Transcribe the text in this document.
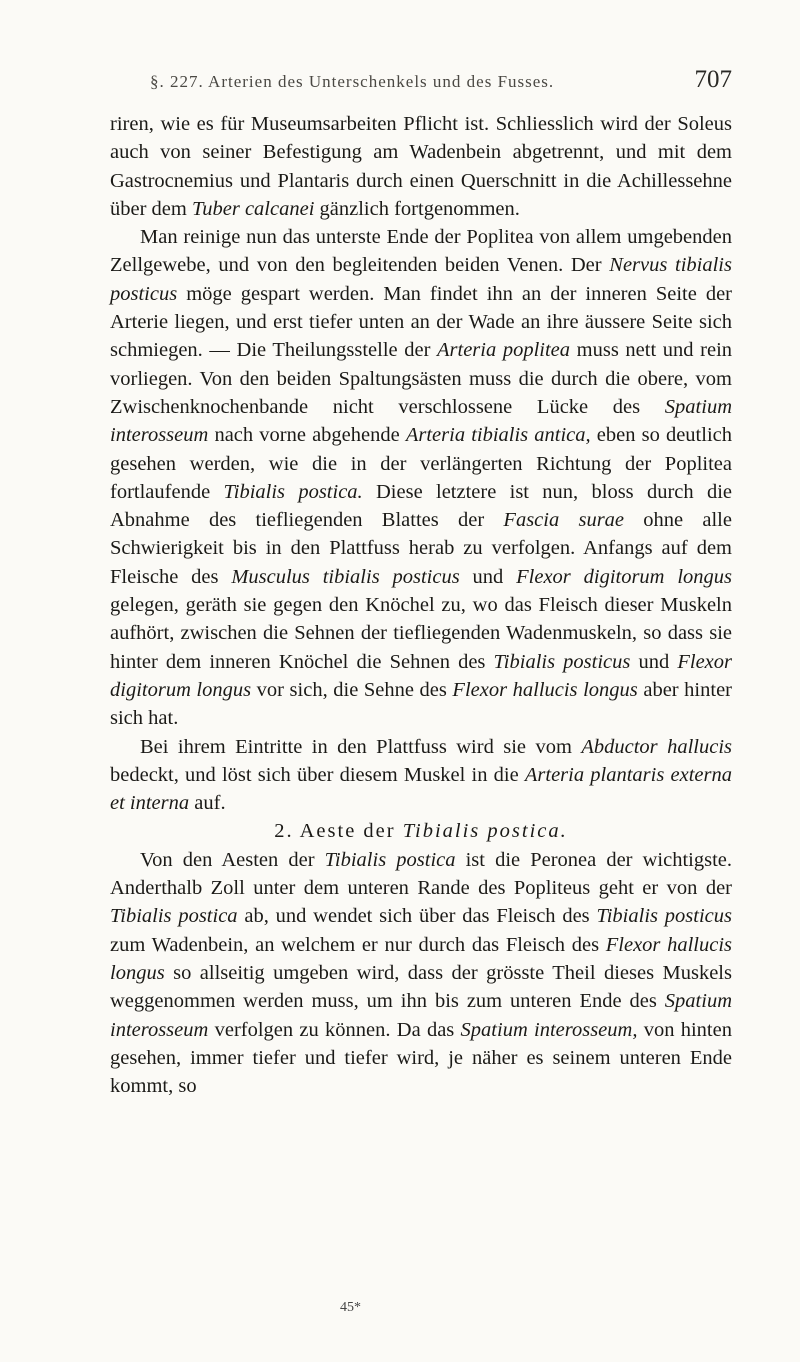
§. 227. Arterien des Unterschenkels und des Fusses.	707

riren, wie es für Museumsarbeiten Pflicht ist. Schliesslich wird der Soleus auch von seiner Befestigung am Wadenbein abgetrennt, und mit dem Gastrocnemius und Plantaris durch einen Querschnitt in die Achillessehne über dem Tuber calcanei gänzlich fortgenommen.

Man reinige nun das unterste Ende der Poplitea von allem umgebenden Zellgewebe, und von den begleitenden beiden Venen. Der Nervus tibialis posticus möge gespart werden. Man findet ihn an der inneren Seite der Arterie liegen, und erst tiefer unten an der Wade an ihre äussere Seite sich schmiegen. — Die Theilungsstelle der Arteria poplitea muss nett und rein vorliegen. Von den beiden Spaltungsästen muss die durch die obere, vom Zwischenknochenbande nicht verschlossene Lücke des Spatium interosseum nach vorne abgehende Arteria tibialis antica, eben so deutlich gesehen werden, wie die in der verlängerten Richtung der Poplitea fortlaufende Tibialis postica. Diese letztere ist nun, bloss durch die Abnahme des tiefliegenden Blattes der Fascia surae ohne alle Schwierigkeit bis in den Plattfuss herab zu verfolgen. Anfangs auf dem Fleische des Musculus tibialis posticus und Flexor digitorum longus gelegen, geräth sie gegen den Knöchel zu, wo das Fleisch dieser Muskeln aufhört, zwischen die Sehnen der tiefliegenden Wadenmuskeln, so dass sie hinter dem inneren Knöchel die Sehnen des Tibialis posticus und Flexor digitorum longus vor sich, die Sehne des Flexor hallucis longus aber hinter sich hat.

Bei ihrem Eintritte in den Plattfuss wird sie vom Abductor hallucis bedeckt, und löst sich über diesem Muskel in die Arteria plantaris externa et interna auf.

2. Aeste der Tibialis postica.

Von den Aesten der Tibialis postica ist die Peronea der wichtigste. Anderthalb Zoll unter dem unteren Rande des Popliteus geht er von der Tibialis postica ab, und wendet sich über das Fleisch des Tibialis posticus zum Wadenbein, an welchem er nur durch das Fleisch des Flexor hallucis longus so allseitig umgeben wird, dass der grösste Theil dieses Muskels weggenommen werden muss, um ihn bis zum unteren Ende des Spatium interosseum verfolgen zu können. Da das Spatium interosseum, von hinten gesehen, immer tiefer und tiefer wird, je näher es seinem unteren Ende kommt, so

45*
